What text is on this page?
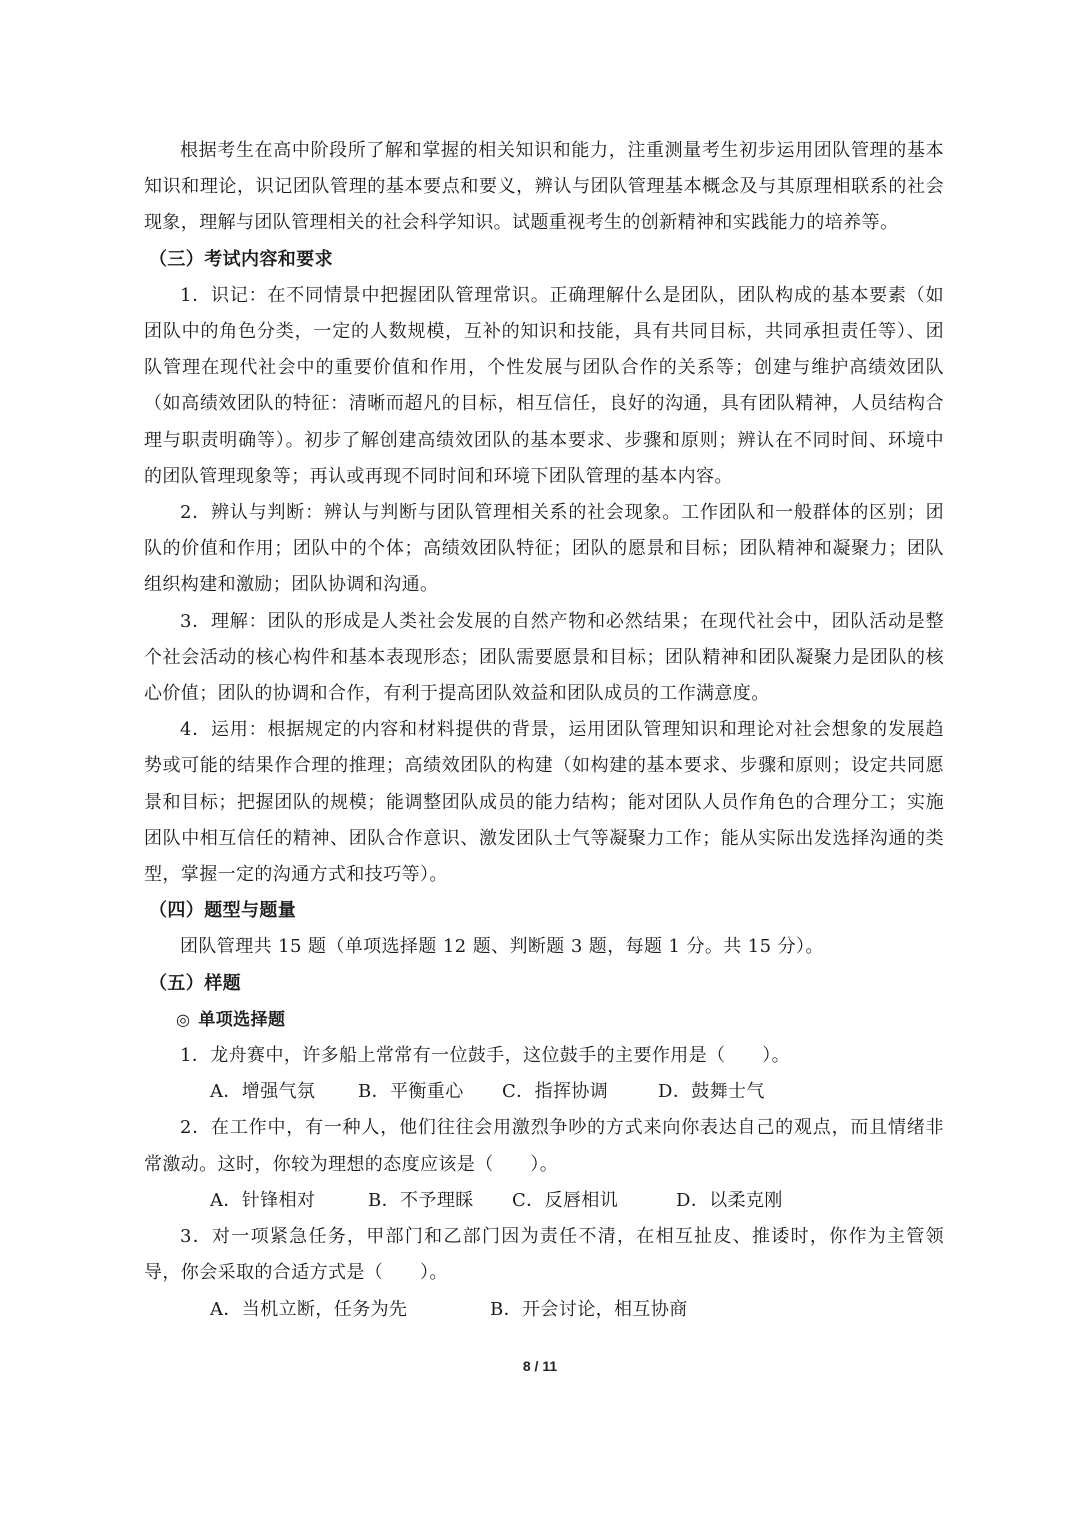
根据考生在高中阶段所了解和掌握的相关知识和能力，注重测量考生初步运用团队管理的基本知识和理论，识记团队管理的基本要点和要义，辨认与团队管理基本概念及与其原理相联系的社会现象，理解与团队管理相关的社会科学知识。试题重视考生的创新精神和实践能力的培养等。

（三）考试内容和要求

1．识记：在不同情景中把握团队管理常识。正确理解什么是团队，团队构成的基本要素（如团队中的角色分类，一定的人数规模，互补的知识和技能，具有共同目标，共同承担责任等）、团队管理在现代社会中的重要价值和作用，个性发展与团队合作的关系等；创建与维护高绩效团队（如高绩效团队的特征：清晰而超凡的目标，相互信任，良好的沟通，具有团队精神，人员结构合理与职责明确等）。初步了解创建高绩效团队的基本要求、步骤和原则；辨认在不同时间、环境中的团队管理现象等；再认或再现不同时间和环境下团队管理的基本内容。

2．辨认与判断：辨认与判断与团队管理相关系的社会现象。工作团队和一般群体的区别；团队的价值和作用；团队中的个体；高绩效团队特征；团队的愿景和目标；团队精神和凝聚力；团队组织构建和激励；团队协调和沟通。

3．理解：团队的形成是人类社会发展的自然产物和必然结果；在现代社会中，团队活动是整个社会活动的核心构件和基本表现形态；团队需要愿景和目标；团队精神和团队凝聚力是团队的核心价值；团队的协调和合作，有利于提高团队效益和团队成员的工作满意度。

4．运用：根据规定的内容和材料提供的背景，运用团队管理知识和理论对社会想象的发展趋势或可能的结果作合理的推理；高绩效团队的构建（如构建的基本要求、步骤和原则；设定共同愿景和目标；把握团队的规模；能调整团队成员的能力结构；能对团队人员作角色的合理分工；实施团队中相互信任的精神、团队合作意识、激发团队士气等凝聚力工作；能从实际出发选择沟通的类型，掌握一定的沟通方式和技巧等）。

（四）题型与题量

团队管理共 15 题（单项选择题 12 题、判断题 3 题，每题 1 分。共 15 分）。

（五）样题

◎ 单项选择题

1．龙舟赛中，许多船上常常有一位鼓手，这位鼓手的主要作用是（　　）。

A．增强气氛 B．平衡重心 C．指挥协调	D．鼓舞士气

2．在工作中，有一种人，他们往往会用激烈争吵的方式来向你表达自己的观点，而且情绪非常激动。这时，你较为理想的态度应该是（　　）。

A．针锋相对	B．不予理睬 C．反唇相讥	D．以柔克刚

3．对一项紧急任务，甲部门和乙部门因为责任不清，在相互扯皮、推诿时，你作为主管领导，你会采取的合适方式是（　　）。

A．当机立断，任务为先	B．开会讨论，相互协商

8 / 11
